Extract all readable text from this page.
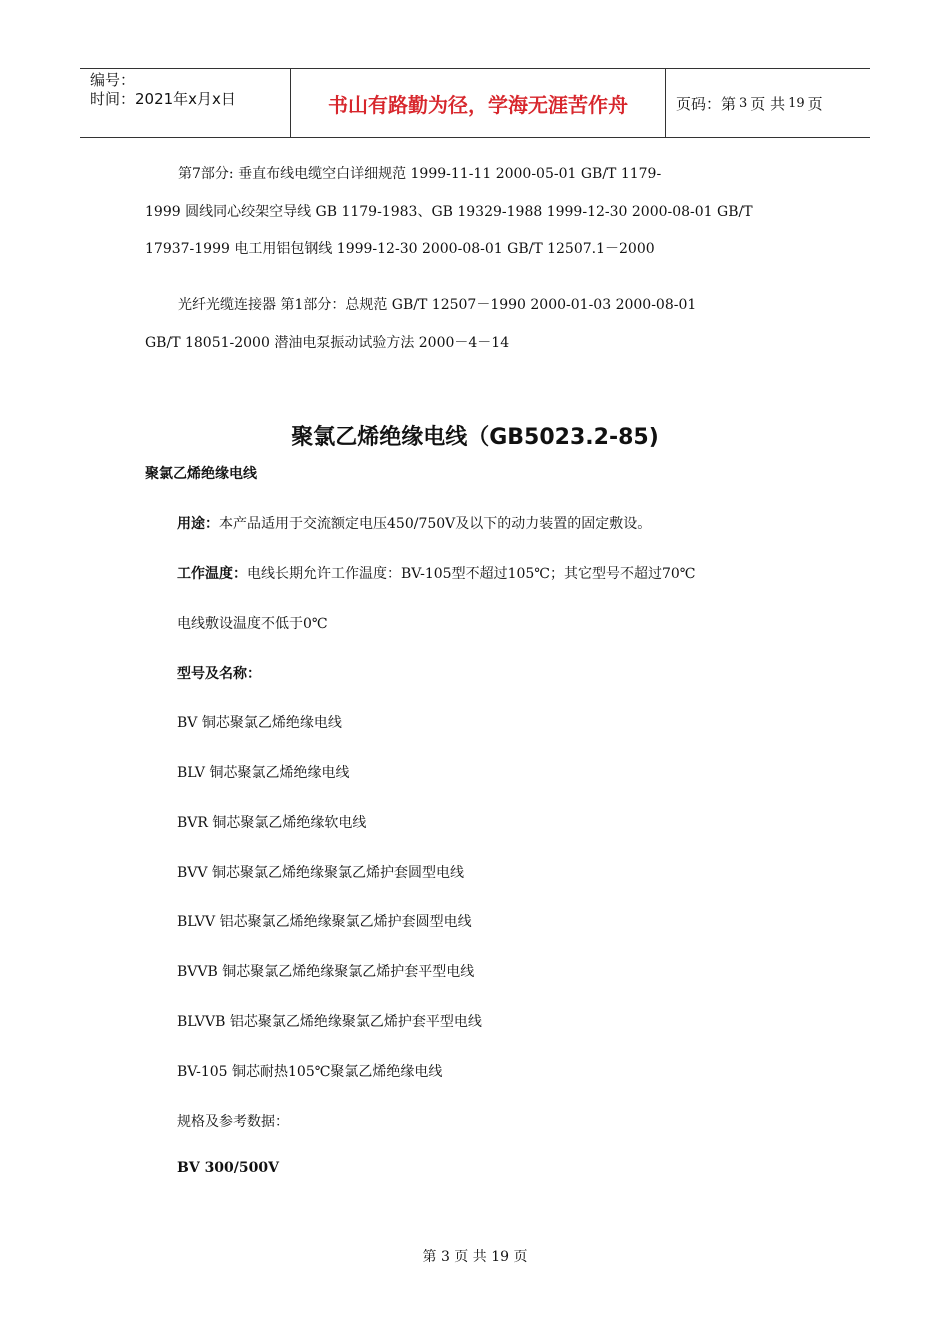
编号：
时间：2021年x月x日	书山有路勤为径，学海无涯苦作舟	页码：第 3 页 共 19 页
第7部分: 垂直布线电缆空白详细规范 1999-11-11 2000-05-01 GB/T 1179-
1999 圆线同心绞架空导线 GB 1179-1983、GB 19329-1988 1999-12-30 2000-08-01 GB/T
17937-1999 电工用铝包钢线 1999-12-30 2000-08-01 GB/T 12507.1－2000
光纤光缆连接器 第1部分：总规范 GB/T 12507－1990 2000-01-03 2000-08-01
GB/T 18051-2000 潜油电泵振动试验方法 2000－4－14
聚氯乙烯绝缘电线（GB5023.2-85)
聚氯乙烯绝缘电线
用途：本产品适用于交流额定电压450/750V及以下的动力装置的固定敷设。
工作温度：电线长期允许工作温度：BV-105型不超过105℃；其它型号不超过70℃
电线敷设温度不低于0℃
型号及名称：
BV 铜芯聚氯乙烯绝缘电线
BLV 铜芯聚氯乙烯绝缘电线
BVR 铜芯聚氯乙烯绝缘软电线
BVV 铜芯聚氯乙烯绝缘聚氯乙烯护套圆型电线
BLVV 铝芯聚氯乙烯绝缘聚氯乙烯护套圆型电线
BVVB 铜芯聚氯乙烯绝缘聚氯乙烯护套平型电线
BLVVB 铝芯聚氯乙烯绝缘聚氯乙烯护套平型电线
BV-105 铜芯耐热105℃聚氯乙烯绝缘电线
规格及参考数据：
BV 300/500V
第 3 页 共 19 页
